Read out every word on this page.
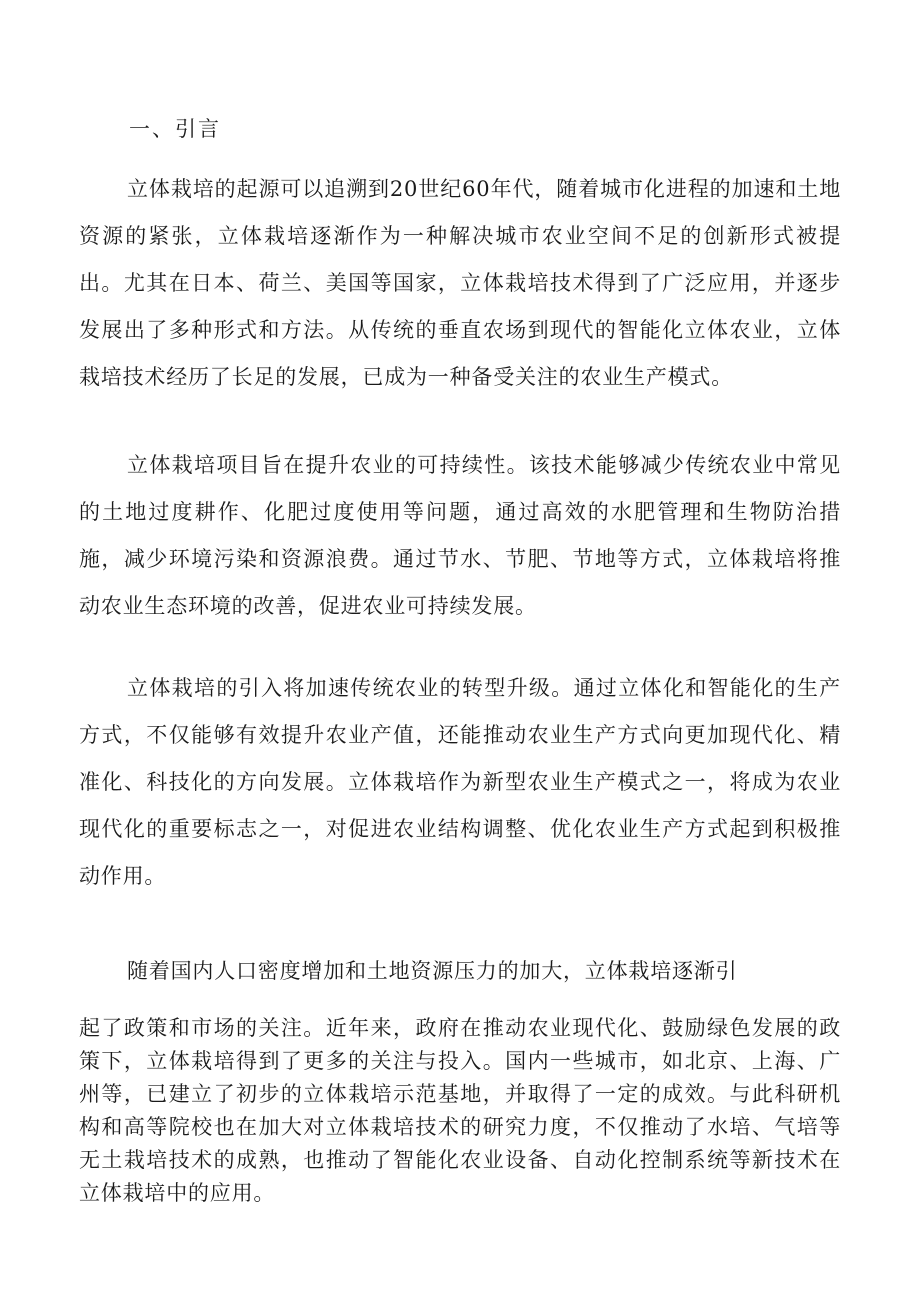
一、引言

立体栽培的起源可以追溯到20世纪60年代，随着城市化进程的加速和土地资源的紧张，立体栽培逐渐作为一种解决城市农业空间不足的创新形式被提出。尤其在日本、荷兰、美国等国家，立体栽培技术得到了广泛应用，并逐步发展出了多种形式和方法。从传统的垂直农场到现代的智能化立体农业，立体栽培技术经历了长足的发展，已成为一种备受关注的农业生产模式。

立体栽培项目旨在提升农业的可持续性。该技术能够减少传统农业中常见的土地过度耕作、化肥过度使用等问题，通过高效的水肥管理和生物防治措施，减少环境污染和资源浪费。通过节水、节肥、节地等方式，立体栽培将推动农业生态环境的改善，促进农业可持续发展。

立体栽培的引入将加速传统农业的转型升级。通过立体化和智能化的生产方式，不仅能够有效提升农业产值，还能推动农业生产方式向更加现代化、精准化、科技化的方向发展。立体栽培作为新型农业生产模式之一，将成为农业现代化的重要标志之一，对促进农业结构调整、优化农业生产方式起到积极推动作用。

随着国内人口密度增加和土地资源压力的加大，立体栽培逐渐引

起了政策和市场的关注。近年来，政府在推动农业现代化、鼓励绿色发展的政策下，立体栽培得到了更多的关注与投入。国内一些城市，如北京、上海、广州等，已建立了初步的立体栽培示范基地，并取得了一定的成效。与此科研机构和高等院校也在加大对立体栽培技术的研究力度，不仅推动了水培、气培等无土栽培技术的成熟，也推动了智能化农业设备、自动化控制系统等新技术在立体栽培中的应用。
